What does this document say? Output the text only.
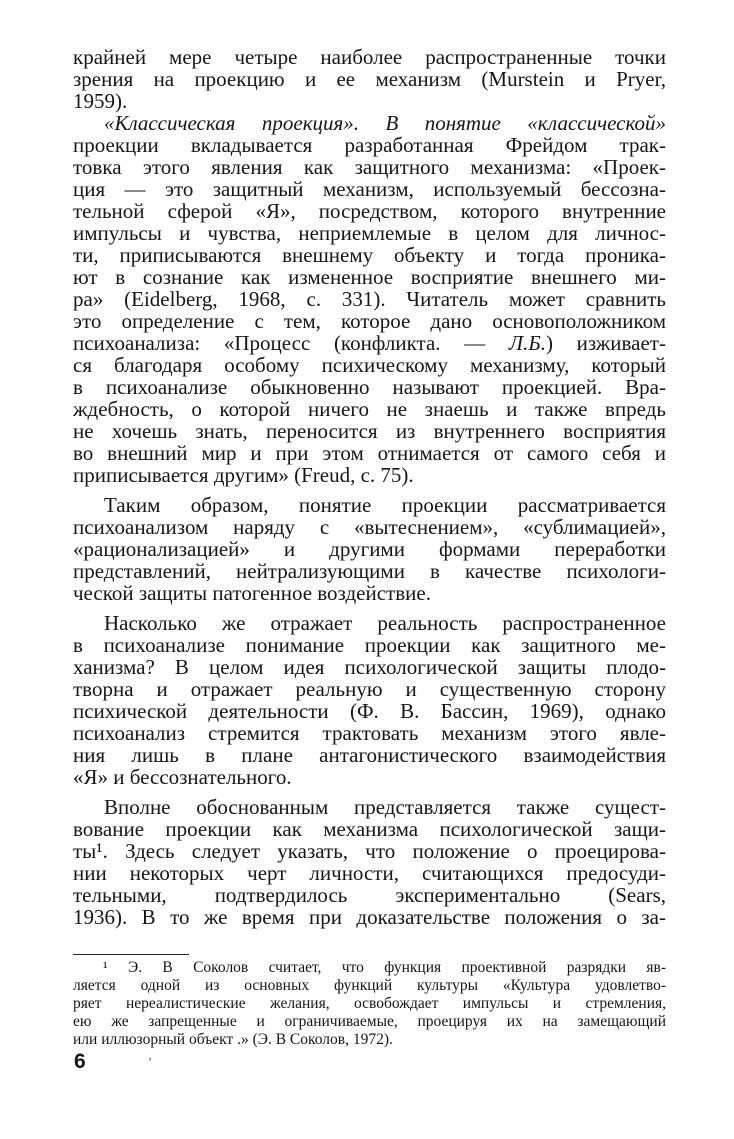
крайней мере четыре наиболее распространенные точки
зрения на проекцию и ее механизм (Murstein и Pryer,
1959).
«Классическая проекция». В понятие «классической»
проекции вкладывается разработанная Фрейдом трак-
товка этого явления как защитного механизма: «Проек-
ция — это защитный механизм, используемый бессозна-
тельной сферой «Я», посредством, которого внутренние
импульсы и чувства, неприемлемые в целом для личнос-
ти, приписываются внешнему объекту и тогда проника-
ют в сознание как измененное восприятие внешнего ми-
ра» (Eidelberg, 1968, с. 331). Читатель может сравнить
это определение с тем, которое дано основоположником
психоанализа: «Процесс (конфликта. — Л.Б.) изживает-
ся благодаря особому психическому механизму, который
в психоанализе обыкновенно называют проекцией. Вра-
ждебность, о которой ничего не знаешь и также впредь
не хочешь знать, переносится из внутреннего восприятия
во внешний мир и при этом отнимается от самого себя и
приписывается другим» (Freud, с. 75).
Таким образом, понятие проекции рассматривается
психоанализом наряду с «вытеснением», «сублимацией»,
«рационализацией» и другими формами переработки
представлений, нейтрализующими в качестве психологи-
ческой защиты патогенное воздействие.
Насколько же отражает реальность распространенное
в психоанализе понимание проекции как защитного ме-
ханизма? В целом идея психологической защиты плодо-
творна и отражает реальную и существенную сторону
психической деятельности (Ф. В. Бассин, 1969), однако
психоанализ стремится трактовать механизм этого явле-
ния лишь в плане антагонистического взаимодействия
«Я» и бессознательного.
Вполне обоснованным представляется также сущест-
вование проекции как механизма психологической защи-
ты¹. Здесь следует указать, что положение о проецирова-
нии некоторых черт личности, считающихся предосуди-
тельными, подтвердилось экспериментально (Sears,
1936). В то же время при доказательстве положения о за-
¹ Э. В Соколов считает, что функция проективной разрядки яв-
ляется одной из основных функций культуры «Культура удовлетво-
ряет нереалистические желания, освобождает импульсы и стремления,
ею же запрещенные и ограничиваемые, проецируя их на замещающий
или иллюзорный объект .» (Э. В Соколов, 1972).
6	ʼ
